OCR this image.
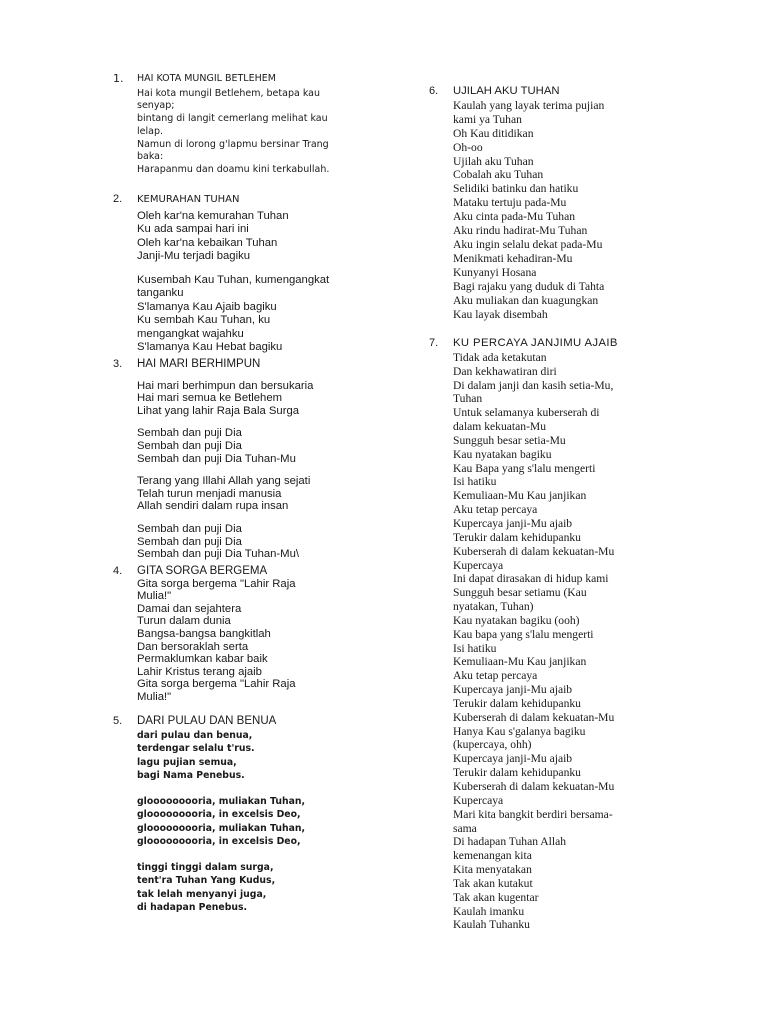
1. HAI KOTA MUNGIL BETLEHEM
Hai kota mungil Betlehem, betapa kau
senyap;
bintang di langit cemerlang melihat kau
lelap.
Namun di lorong g'lapmu bersinar Trang
baka:
Harapanmu dan doamu kini terkabullah.
2. KEMURAHAN TUHAN
Oleh kar'na kemurahan Tuhan
Ku ada sampai hari ini
Oleh kar'na kebaikan Tuhan
Janji-Mu terjadi bagiku
Kusembah Kau Tuhan, kumengangkat
tanganku
S'lamanya Kau Ajaib bagiku
Ku sembah Kau Tuhan, ku
mengangkat wajahku
S'lamanya Kau Hebat bagiku
3. HAI MARI BERHIMPUN
Hai mari berhimpun dan bersukaria
Hai mari semua ke Betlehem
Lihat yang lahir Raja Bala Surga
Sembah dan puji Dia
Sembah dan puji Dia
Sembah dan puji Dia Tuhan-Mu
Terang yang Illahi Allah yang sejati
Telah turun menjadi manusia
Allah sendiri dalam rupa insan
Sembah dan puji Dia
Sembah dan puji Dia
Sembah dan puji Dia Tuhan-Mu\
4. GITA SORGA BERGEMA
Gita sorga bergema "Lahir Raja
Mulia!"
Damai dan sejahtera
Turun dalam dunia
Bangsa-bangsa bangkitlah
Dan bersoraklah serta
Permaklumkan kabar baik
Lahir Kristus terang ajaib
Gita sorga bergema "Lahir Raja
Mulia!"
5. DARI PULAU DAN BENUA
dari pulau dan benua,
terdengar selalu t'rus.
lagu pujian semua,
bagi Nama Penebus.
glooooooooria, muliakan Tuhan,
glooooooooria, in excelsis Deo,
glooooooooria, muliakan Tuhan,
glooooooooria, in excelsis Deo,
tinggi tinggi dalam surga,
tent'ra Tuhan Yang Kudus,
tak lelah menyanyi juga,
di hadapan Penebus.
6. UJILAH AKU TUHAN
Kaulah yang layak terima pujian
kami ya Tuhan
Oh Kau ditidikan
Oh-oo
Ujilah aku Tuhan
Cobalah aku Tuhan
Selidiki batinku dan hatiku
Mataku tertuju pada-Mu
Aku cinta pada-Mu Tuhan
Aku rindu hadirat-Mu Tuhan
Aku ingin selalu dekat pada-Mu
Menikmati kehadiran-Mu
Kunyanyi Hosana
Bagi rajaku yang duduk di Tahta
Aku muliakan dan kuagungkan
Kau layak disembah
7. KU PERCAYA JANJIMU AJAIB
Tidak ada ketakutan
Dan kekhawatiran diri
Di dalam janji dan kasih setia-Mu,
Tuhan
Untuk selamanya kuberserah di
dalam kekuatan-Mu
Sungguh besar setia-Mu
Kau nyatakan bagiku
Kau Bapa yang s'lalu mengerti
Isi hatiku
Kemuliaan-Mu Kau janjikan
Aku tetap percaya
Kupercaya janji-Mu ajaib
Terukir dalam kehidupanku
Kuberserah di dalam kekuatan-Mu
Kupercaya
Ini dapat dirasakan di hidup kami
Sungguh besar setiamu (Kau
nyatakan, Tuhan)
Kau nyatakan bagiku (ooh)
Kau bapa yang s'lalu mengerti
Isi hatiku
Kemuliaan-Mu Kau janjikan
Aku tetap percaya
Kupercaya janji-Mu ajaib
Terukir dalam kehidupanku
Kuberserah di dalam kekuatan-Mu
Hanya Kau s'galanya bagiku
(kupercaya, ohh)
Kupercaya janji-Mu ajaib
Terukir dalam kehidupanku
Kuberserah di dalam kekuatan-Mu
Kupercaya
Mari kita bangkit berdiri bersama-
sama
Di hadapan Tuhan Allah
kemenangan kita
Kita menyatakan
Tak akan kutakut
Tak akan kugentar
Kaulah imanku
Kaulah Tuhanku
